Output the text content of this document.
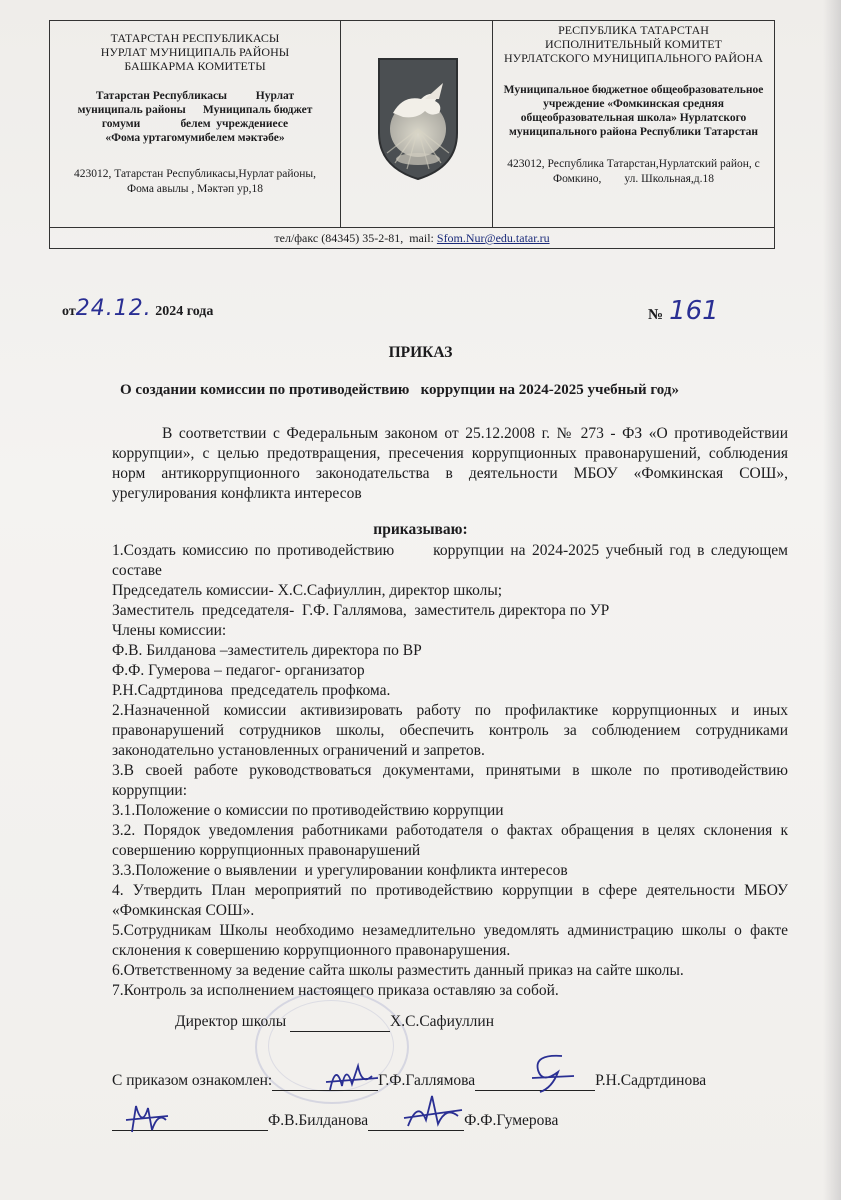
ТАТАРСТАН РЕСПУБЛИКАСЫ
НУРЛАТ МУНИЦИПАЛЬ РАЙОНЫ
БАШКАРМА КОМИТЕТЫ
Татарстан Республикасы          Нурлат
муниципаль районы      Муниципаль бюджет
гомуми              белем  учреждениесе
«Фома уртагомумибелем мәктәбе»
423012, Татарстан Республикасы,Нурлат районы,
Фома авылы , Мәктәп ур,18
РЕСПУБЛИКА ТАТАРСТАН
ИСПОЛНИТЕЛЬНЫЙ КОМИТЕТ
НУРЛАТСКОГО МУНИЦИПАЛЬНОГО РАЙОНА
Муниципальное бюджетное общеобразовательное
учреждение «Фомкинская средняя
общеобразовательная школа» Нурлатского
муниципального района Республики Татарстан
423012, Республика Татарстан,Нурлатский район, с
Фомкино,        ул. Школьная,д.18
тел/факс (84345) 35-2-81,  mail: Sfom.Nur@edu.tatar.ru
от24.12. 2024 года	№ 161
ПРИКАЗ
О создании комиссии по противодействию   коррупции на 2024-2025 учебный год»
В соответствии с Федеральным законом от 25.12.2008 г. № 273 - ФЗ «О противодействии коррупции», с целью предотвращения, пресечения коррупционных правонарушений, соблюдения норм антикоррупционного законодательства в деятельности МБОУ «Фомкинская СОШ», урегулирования конфликта интересов
приказываю:

1.Создать комиссию по противодействию      коррупции на 2024-2025 учебный год в следующем составе

Председатель комиссии- Х.С.Сафиуллин, директор школы;

Заместитель  председателя-  Г.Ф. Галлямова,  заместитель директора по УР

Члены комиссии:

Ф.В. Билданова –заместитель директора по ВР

Ф.Ф. Гумерова – педагог- организатор

Р.Н.Садртдинова  председатель профкома.

2.Назначенной комиссии активизировать работу по профилактике коррупционных и иных правонарушений сотрудников школы, обеспечить контроль за соблюдением сотрудниками законодательно установленных ограничений и запретов.

3.В своей работе руководствоваться документами, принятыми в школе по противодействию коррупции:

3.1.Положение о комиссии по противодействию коррупции

3.2. Порядок уведомления работниками работодателя о фактах обращения в целях склонения к совершению коррупционных правонарушений

3.3.Положение о выявлении  и урегулировании конфликта интересов

4. Утвердить План мероприятий по противодействию коррупции в сфере деятельности МБОУ «Фомкинская СОШ».

5.Сотрудникам Школы необходимо незамедлительно уведомлять администрацию школы о факте склонения к совершению коррупционного правонарушения.

6.Ответственному за ведение сайта школы разместить данный приказ на сайте школы.

7.Контроль за исполнением настоящего приказа оставляю за собой.

Директор школы	Х.С.Сафиуллин
С приказом ознакомлен:	Г.Ф.Галлямова	Р.Н.Садртдинова
Ф.В.Билданова	Ф.Ф.Гумерова
